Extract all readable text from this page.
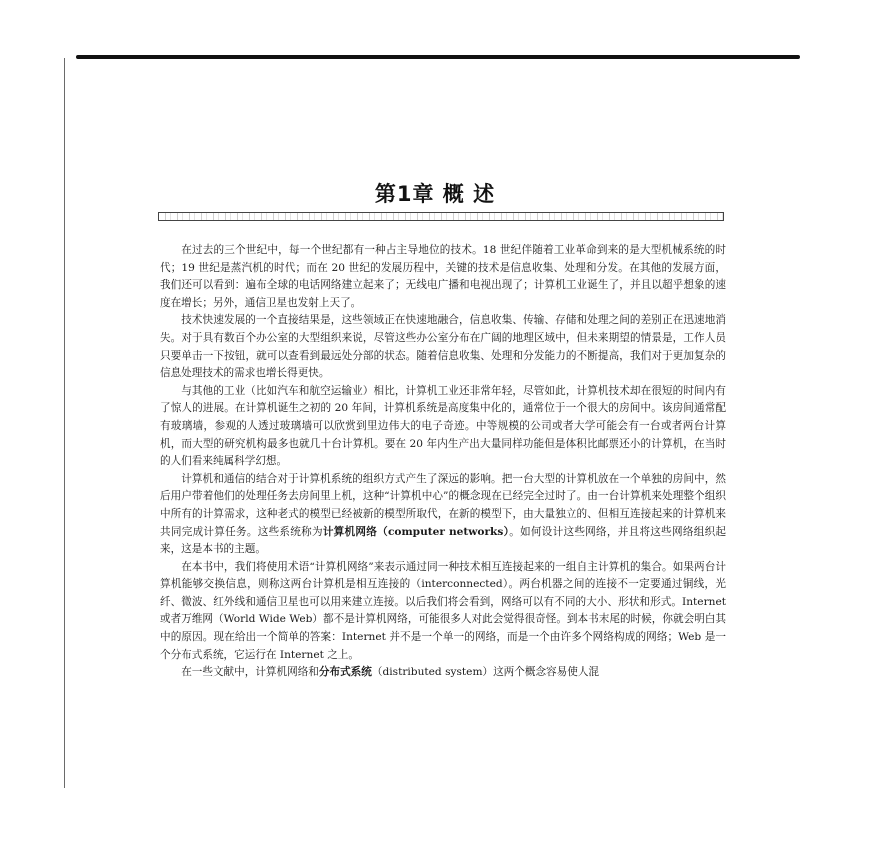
第1章 概 述

在过去的三个世纪中，每一个世纪都有一种占主导地位的技术。18 世纪伴随着工业革命到来的是大型机械系统的时代；19 世纪是蒸汽机的时代；而在 20 世纪的发展历程中，关键的技术是信息收集、处理和分发。在其他的发展方面，我们还可以看到：遍布全球的电话网络建立起来了；无线电广播和电视出现了；计算机工业诞生了，并且以超乎想象的速度在增长；另外，通信卫星也发射上天了。

技术快速发展的一个直接结果是，这些领域正在快速地融合，信息收集、传输、存储和处理之间的差别正在迅速地消失。对于具有数百个办公室的大型组织来说，尽管这些办公室分布在广阔的地理区域中，但未来期望的情景是，工作人员只要单击一下按钮，就可以查看到最远处分部的状态。随着信息收集、处理和分发能力的不断提高，我们对于更加复杂的信息处理技术的需求也增长得更快。

与其他的工业（比如汽车和航空运输业）相比，计算机工业还非常年轻，尽管如此，计算机技术却在很短的时间内有了惊人的进展。在计算机诞生之初的 20 年间，计算机系统是高度集中化的，通常位于一个很大的房间中。该房间通常配有玻璃墙，参观的人透过玻璃墙可以欣赏到里边伟大的电子奇迹。中等规模的公司或者大学可能会有一台或者两台计算机，而大型的研究机构最多也就几十台计算机。要在 20 年内生产出大量同样功能但是体积比邮票还小的计算机，在当时的人们看来纯属科学幻想。

计算机和通信的结合对于计算机系统的组织方式产生了深远的影响。把一台大型的计算机放在一个单独的房间中，然后用户带着他们的处理任务去房间里上机，这种“计算机中心”的概念现在已经完全过时了。由一台计算机来处理整个组织中所有的计算需求，这种老式的模型已经被新的模型所取代，在新的模型下，由大量独立的、但相互连接起来的计算机来共同完成计算任务。这些系统称为计算机网络（computer networks）。如何设计这些网络，并且将这些网络组织起来，这是本书的主题。

在本书中，我们将使用术语“计算机网络”来表示通过同一种技术相互连接起来的一组自主计算机的集合。如果两台计算机能够交换信息，则称这两台计算机是相互连接的（interconnected）。两台机器之间的连接不一定要通过铜线，光纤、微波、红外线和通信卫星也可以用来建立连接。以后我们将会看到，网络可以有不同的大小、形状和形式。Internet 或者万维网（World Wide Web）都不是计算机网络，可能很多人对此会觉得很奇怪。到本书末尾的时候，你就会明白其中的原因。现在给出一个简单的答案：Internet 并不是一个单一的网络，而是一个由许多个网络构成的网络；Web 是一个分布式系统，它运行在 Internet 之上。

在一些文献中，计算机网络和分布式系统（distributed system）这两个概念容易使人混
